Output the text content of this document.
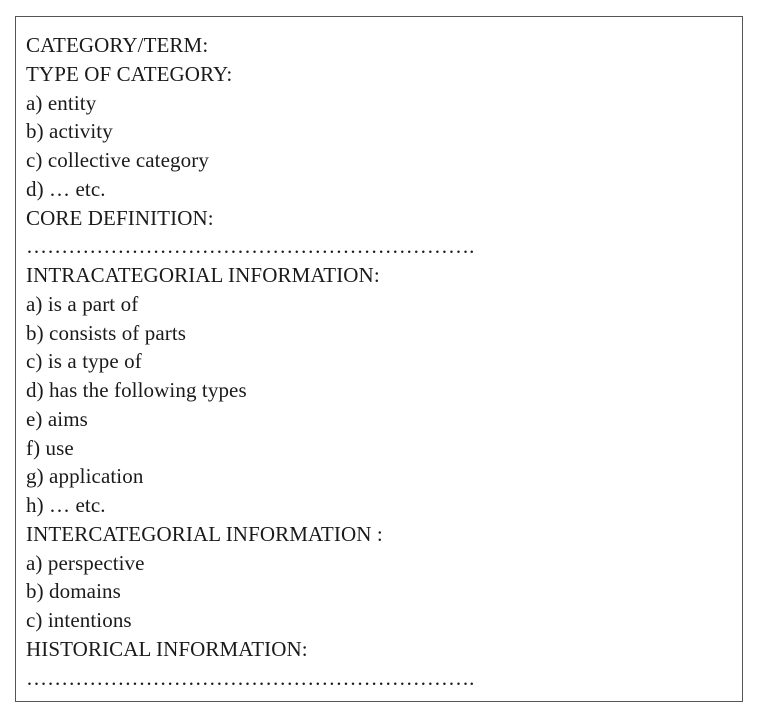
CATEGORY/TERM:
TYPE OF CATEGORY:
a) entity
b) activity
c) collective category
d) … etc.
CORE DEFINITION:
……………………………………………………….
INTRACATEGORIAL INFORMATION:
a) is a part of
b) consists of parts
c) is a type of
d) has the following types
e) aims
f) use
g) application
h) … etc.
INTERCATEGORIAL INFORMATION :
a) perspective
b) domains
c) intentions
HISTORICAL INFORMATION:
……………………………………………………….
